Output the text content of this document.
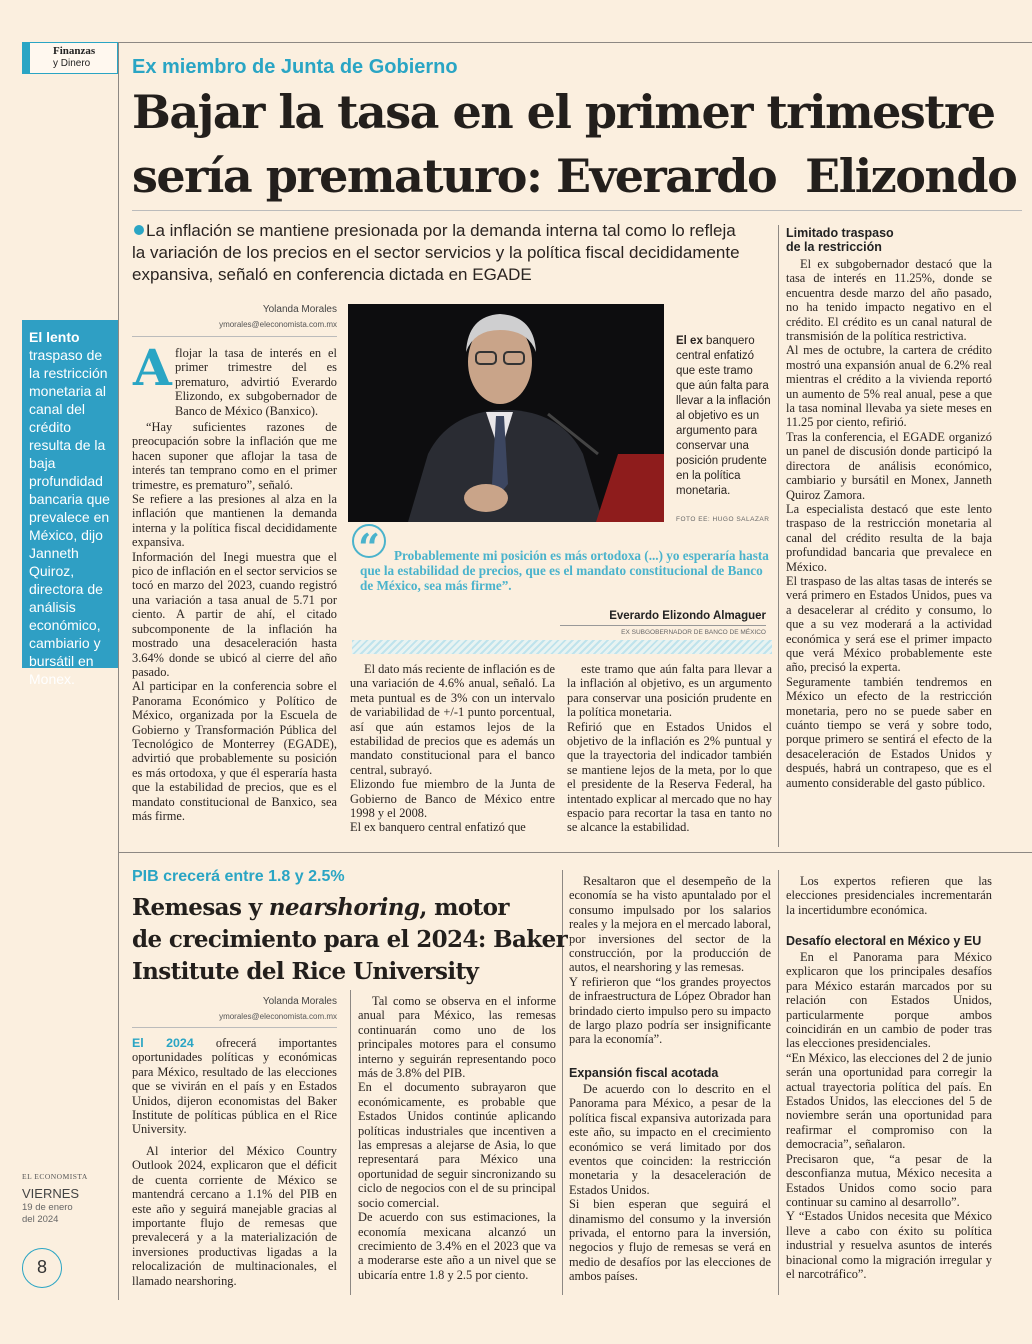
Finanzas
y Dinero Ex miembro de Junta de Gobierno
Bajar la tasa en el primer trimestre
sería prematuro: Everardo  Elizondo
La inflación se mantiene presionada por la demanda interna tal como lo refleja la variación de los precios en el sector servicios y la política fiscal decididamente expansiva, señaló en conferencia dictada en EGADE
Yolanda Morales
ymorales@eleconomista.com.mx
A flojar la tasa de interés en el primer trimestre del es prematuro, advirtió Everardo Elizondo, ex subgobernador de Banco de México (Banxico).
“Hay suficientes razones de preocupación sobre la inflación que me hacen suponer que aflojar la tasa de interés tan temprano como en el primer trimestre, es prematuro”, señaló.
Se refiere a las presiones al alza en la inflación que mantienen la demanda interna y la política fiscal decididamente expansiva.
Información del Inegi muestra que el pico de inflación en el sector servicios se tocó en marzo del 2023, cuando registró una variación a tasa anual de 5.71 por ciento. A partir de ahí, el citado subcomponente de la inflación ha mostrado una desaceleración hasta 3.64% donde se ubicó al cierre del año pasado.
Al participar en la conferencia sobre el Panorama Económico y Político de México, organizada por la Escuela de Gobierno y Transformación Pública del Tecnológico de Monterrey (EGADE), advirtió que probablemente su posición es más ortodoxa, y que él esperaría hasta que la estabilidad de precios, que es el mandato constitucional de Banxico, sea más firme.
El ex banquero central enfatizó que este tramo que aún falta para llevar a la inflación al objetivo es un argumento para conservar una posición prudente en la política monetaria.
FOTO EE: HUGO SALAZAR
“	Probablemente mi posición es más ortodoxa (...) yo esperaría hasta que la estabilidad de precios, que es el mandato constitucional de Banco de México, sea más firme”.
Everardo Elizondo Almaguer
EX SUBGOBERNADOR DE BANCO DE MÉXICO
El dato más reciente de inflación es de una variación de 4.6% anual, señaló. La meta puntual es de 3% con un intervalo de variabilidad de +/-1 punto porcentual, así que aún estamos lejos de la estabilidad de precios que es además un mandato constitucional para el banco central, subrayó.
Elizondo fue miembro de la Junta de Gobierno de Banco de México entre 1998 y el 2008.
El ex banquero central enfatizó que
este tramo que aún falta para llevar a la inflación al objetivo, es un argumento para conservar una posición prudente en la política monetaria.
Refirió que en Estados Unidos el objetivo de la inflación es 2% puntual y que la trayectoria del indicador también se mantiene lejos de la meta, por lo que el presidente de la Reserva Federal, ha intentado explicar al mercado que no hay espacio para recortar la tasa en tanto no se alcance la estabilidad.
Limitado traspaso
de la restricción
El ex subgobernador destacó que la tasa de interés en 11.25%, donde se encuentra desde marzo del año pasado, no ha tenido impacto negativo en el crédito. El crédito es un canal natural de transmisión de la política restrictiva.
Al mes de octubre, la cartera de crédito mostró una expansión anual de 6.2% real mientras el crédito a la vivienda reportó un aumento de 5% real anual, pese a que la tasa nominal llevaba ya siete meses en 11.25 por ciento, refirió.
Tras la conferencia, el EGADE organizó un panel de discusión donde participó la directora de análisis económico, cambiario y bursátil en Monex, Janneth Quiroz Zamora.
La especialista destacó que este lento traspaso de la restricción monetaria al canal del crédito resulta de la baja profundidad bancaria que prevalece en México.
El traspaso de las altas tasas de interés se verá primero en Estados Unidos, pues va a desacelerar al crédito y consumo, lo que a su vez moderará a la actividad económica y será ese el primer impacto que verá México probablemente este año, precisó la experta.
Seguramente también tendremos en México un efecto de la restricción monetaria, pero no se puede saber en cuánto tiempo se verá y sobre todo, porque primero se sentirá el efecto de la desaceleración de Estados Unidos y después, habrá un contrapeso, que es el aumento considerable del gasto público.
El lento traspaso de la restricción monetaria al canal del crédito resulta de la baja profundidad bancaria que prevalece en México, dijo Janneth Quiroz, directora de análisis económico, cambiario y bursátil en Monex.
EL ECONOMISTA
VIERNES
19 de enero
del 2024
8
PIB crecerá entre 1.8 y 2.5%
Remesas y nearshoring, motor
de crecimiento para el 2024: Baker
Institute del Rice University
Yolanda Morales
ymorales@eleconomista.com.mx
El 2024 ofrecerá importantes oportunidades políticas y económicas para México, resultado de las elecciones que se vivirán en el país y en Estados Unidos, dijeron economistas del Baker Institute de políticas pública en el Rice University.
Al interior del México Country Outlook 2024, explicaron que el déficit de cuenta corriente de México se mantendrá cercano a 1.1% del PIB en este año y seguirá manejable gracias al importante flujo de remesas que prevalecerá y a la materialización de inversiones productivas ligadas a la relocalización de multinacionales, el llamado nearshoring.
Tal como se observa en el informe anual para México, las remesas continuarán como uno de los principales motores para el consumo interno y seguirán representando poco más de 3.8% del PIB.
En el documento subrayaron que económicamente, es probable que Estados Unidos continúe aplicando políticas industriales que incentiven a las empresas a alejarse de Asia, lo que representará para México una oportunidad de seguir sincronizando su ciclo de negocios con el de su principal socio comercial.
De acuerdo con sus estimaciones, la economía mexicana alcanzó un crecimiento de 3.4% en el 2023 que va a moderarse este año a un nivel que se ubicaría entre 1.8 y 2.5 por ciento.
Resaltaron que el desempeño de la economía se ha visto apuntalado por el consumo impulsado por los salarios reales y la mejora en el mercado laboral, por inversiones del sector de la construcción, por la producción de autos, el nearshoring y las remesas.
Y refirieron que “los grandes proyectos de infraestructura de López Obrador han brindado cierto impulso pero su impacto de largo plazo podría ser insignificante para la economía”.
Expansión fiscal acotada
De acuerdo con lo descrito en el Panorama para México, a pesar de la política fiscal expansiva autorizada para este año, su impacto en el crecimiento económico se verá limitado por dos eventos que coinciden: la restricción monetaria y la desaceleración de Estados Unidos.
Si bien esperan que seguirá el dinamismo del consumo y la inversión privada, el entorno para la inversión, negocios y flujo de remesas se verá en medio de desafíos por las elecciones de ambos países.
Los expertos refieren que las elecciones presidenciales incrementarán la incertidumbre económica.
Desafío electoral en México y EU
En el Panorama para México explicaron que los principales desafíos para México estarán marcados por su relación con Estados Unidos, particularmente porque ambos coincidirán en un cambio de poder tras las elecciones presidenciales.
“En México, las elecciones del 2 de junio serán una oportunidad para corregir la actual trayectoria política del país. En Estados Unidos, las elecciones del 5 de noviembre serán una oportunidad para reafirmar el compromiso con la democracia”, señalaron.
Precisaron que, “a pesar de la desconfianza mutua, México necesita a Estados Unidos como socio para continuar su camino al desarrollo”.
Y “Estados Unidos necesita que México lleve a cabo con éxito su política industrial y resuelva asuntos de interés binacional como la migración irregular y el narcotráfico”.
